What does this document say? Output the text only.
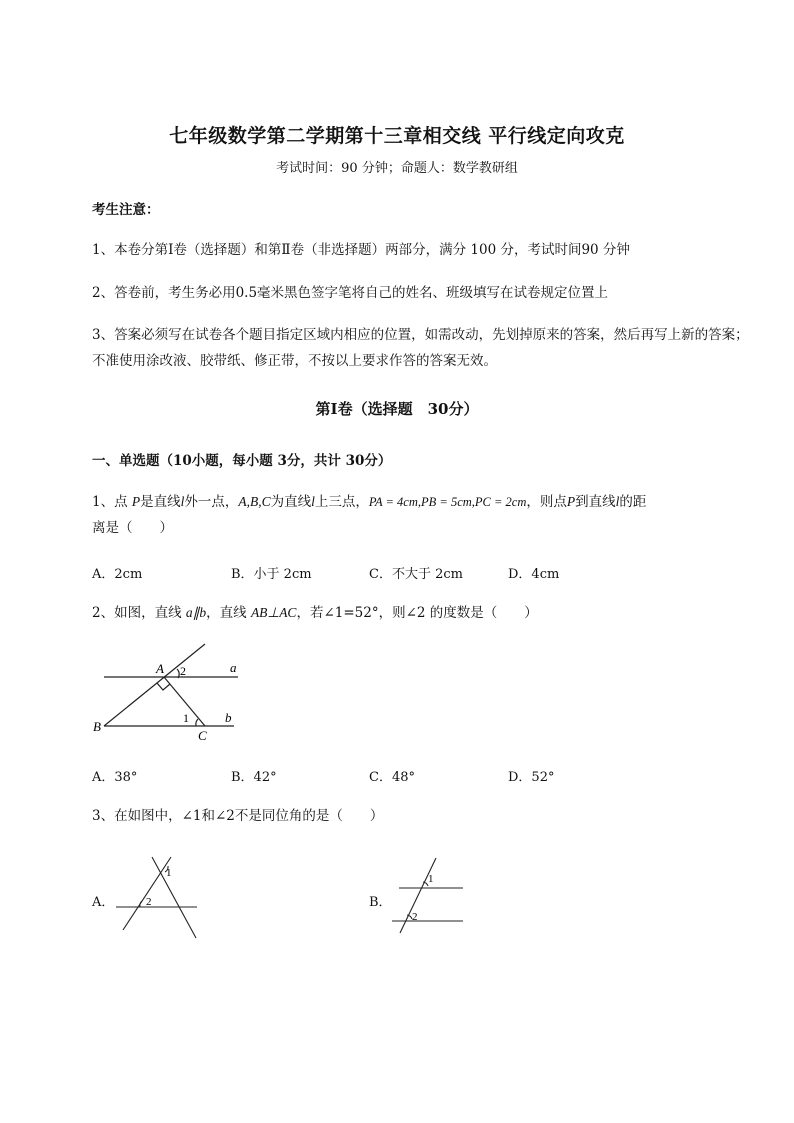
七年级数学第二学期第十三章相交线 平行线定向攻克
考试时间：90 分钟；命题人：数学教研组
考生注意：
1、本卷分第Ⅰ卷（选择题）和第Ⅱ卷（非选择题）两部分，满分 100 分，考试时间90 分钟
2、答卷前，考生务必用0.5毫米黑色签字笔将自己的姓名、班级填写在试卷规定位置上
3、答案必须写在试卷各个题目指定区域内相应的位置，如需改动，先划掉原来的答案，然后再写上新的答案；不准使用涂改液、胶带纸、修正带，不按以上要求作答的答案无效。
第Ⅰ卷（选择题　30分）
一、单选题（10小题，每小题 3分，共计 30分）
1、点 P是直线l外一点，A,B,C为直线l上三点，PA = 4cm,PB = 5cm,PC = 2cm，则点P到直线l的距
离是（　　）
A．2cm	B．小于 2cm	C．不大于 2cm	D．4cm
2、如图，直线 a∥b，直线 AB⊥AC，若∠1=52°，则∠2 的度数是（　　）
A 2	a
1	b
B
C
A．38°	B．42°	C．48°	D．52°
3、在如图中，∠1和∠2不是同位角的是（　　）
A．	B．
1
2
1
2
